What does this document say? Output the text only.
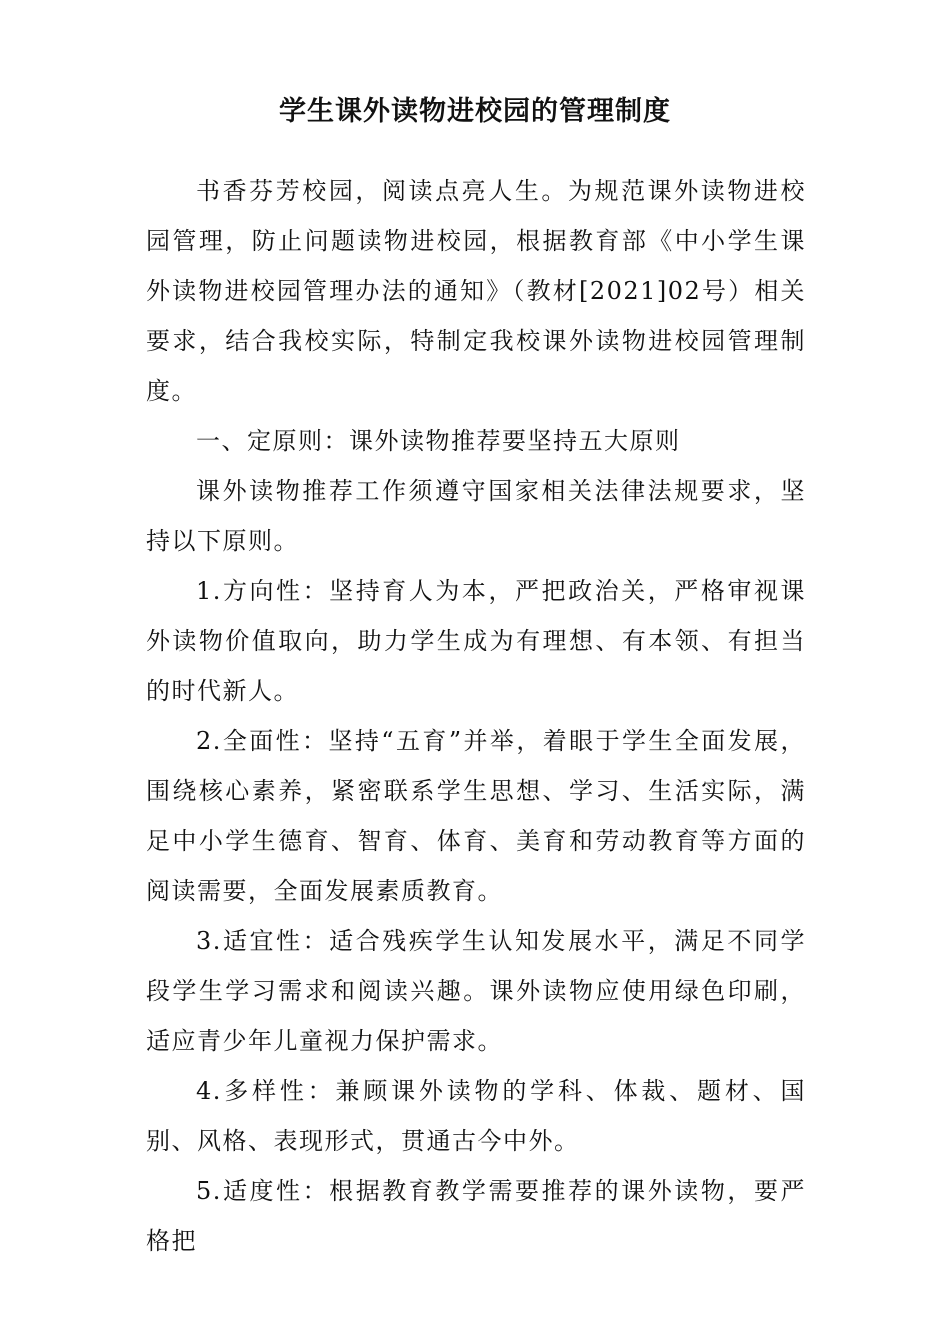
学生课外读物进校园的管理制度

书香芬芳校园，阅读点亮人生。为规范课外读物进校园管理，防止问题读物进校园，根据教育部《中小学生课外读物进校园管理办法的通知》（教材[2021]02号）相关要求，结合我校实际，特制定我校课外读物进校园管理制度。

一、定原则：课外读物推荐要坚持五大原则

课外读物推荐工作须遵守国家相关法律法规要求，坚持以下原则。

1.方向性：坚持育人为本，严把政治关，严格审视课外读物价值取向，助力学生成为有理想、有本领、有担当的时代新人。

2.全面性：坚持“五育”并举，着眼于学生全面发展，围绕核心素养，紧密联系学生思想、学习、生活实际，满足中小学生德育、智育、体育、美育和劳动教育等方面的阅读需要，全面发展素质教育。

3.适宜性：适合残疾学生认知发展水平，满足不同学段学生学习需求和阅读兴趣。课外读物应使用绿色印刷，适应青少年儿童视力保护需求。

4.多样性：兼顾课外读物的学科、体裁、题材、国别、风格、表现形式，贯通古今中外。

5.适度性：根据教育教学需要推荐的课外读物，要严格把
